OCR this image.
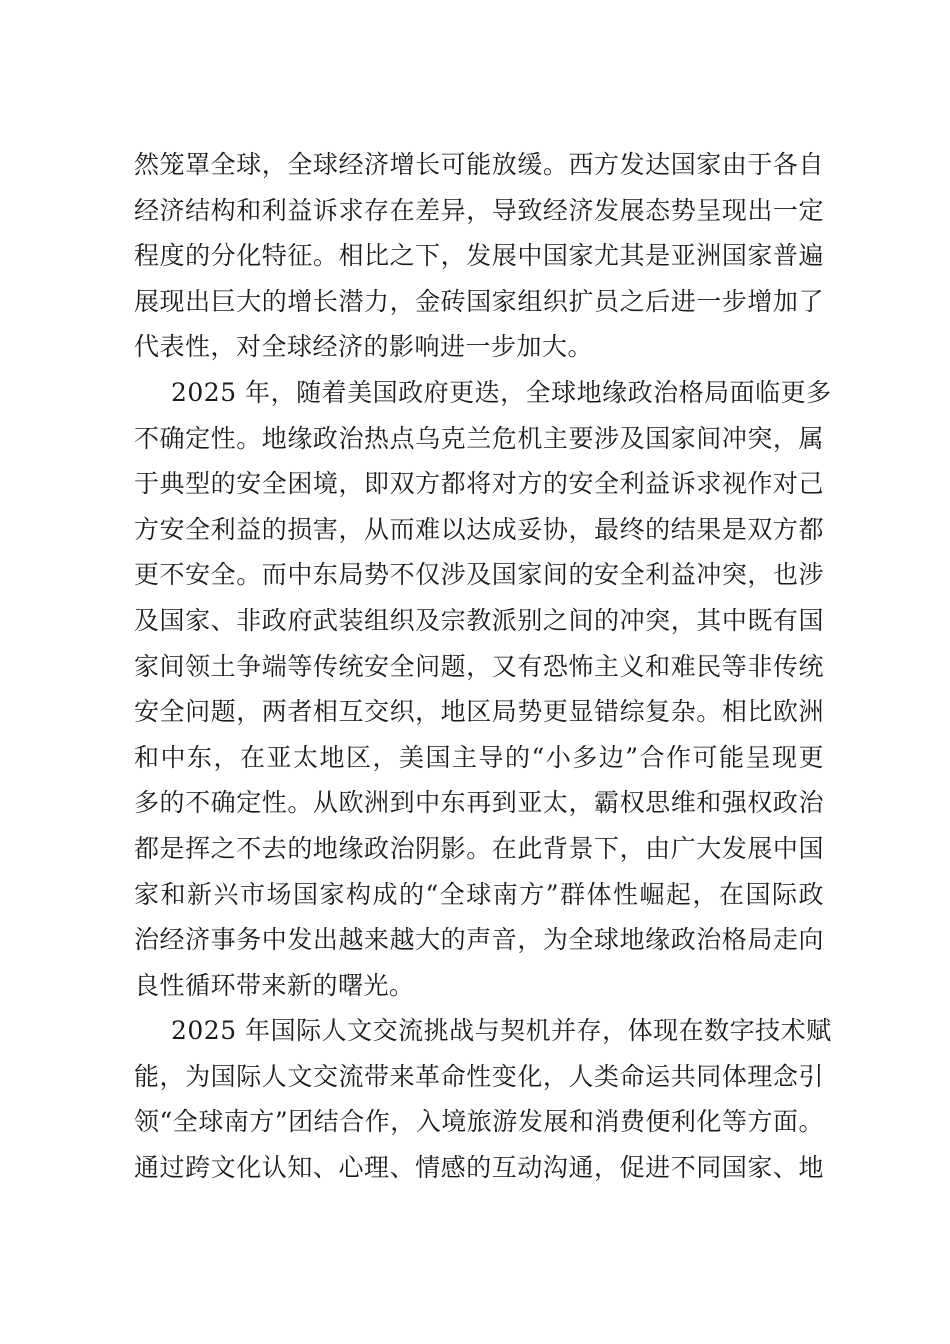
然笼罩全球，全球经济增长可能放缓。西方发达国家由于各自
经济结构和利益诉求存在差异，导致经济发展态势呈现出一定
程度的分化特征。相比之下，发展中国家尤其是亚洲国家普遍
展现出巨大的增长潜力，金砖国家组织扩员之后进一步增加了
代表性，对全球经济的影响进一步加大。
2025 年，随着美国政府更迭，全球地缘政治格局面临更多
不确定性。地缘政治热点乌克兰危机主要涉及国家间冲突，属
于典型的安全困境，即双方都将对方的安全利益诉求视作对己
方安全利益的损害，从而难以达成妥协，最终的结果是双方都
更不安全。而中东局势不仅涉及国家间的安全利益冲突，也涉
及国家、非政府武装组织及宗教派别之间的冲突，其中既有国
家间领土争端等传统安全问题，又有恐怖主义和难民等非传统
安全问题，两者相互交织，地区局势更显错综复杂。相比欧洲
和中东，在亚太地区，美国主导的“小多边”合作可能呈现更
多的不确定性。从欧洲到中东再到亚太，霸权思维和强权政治
都是挥之不去的地缘政治阴影。在此背景下，由广大发展中国
家和新兴市场国家构成的“全球南方”群体性崛起，在国际政
治经济事务中发出越来越大的声音，为全球地缘政治格局走向
良性循环带来新的曙光。
2025 年国际人文交流挑战与契机并存，体现在数字技术赋
能，为国际人文交流带来革命性变化，人类命运共同体理念引
领“全球南方”团结合作，入境旅游发展和消费便利化等方面。
通过跨文化认知、心理、情感的互动沟通，促进不同国家、地
